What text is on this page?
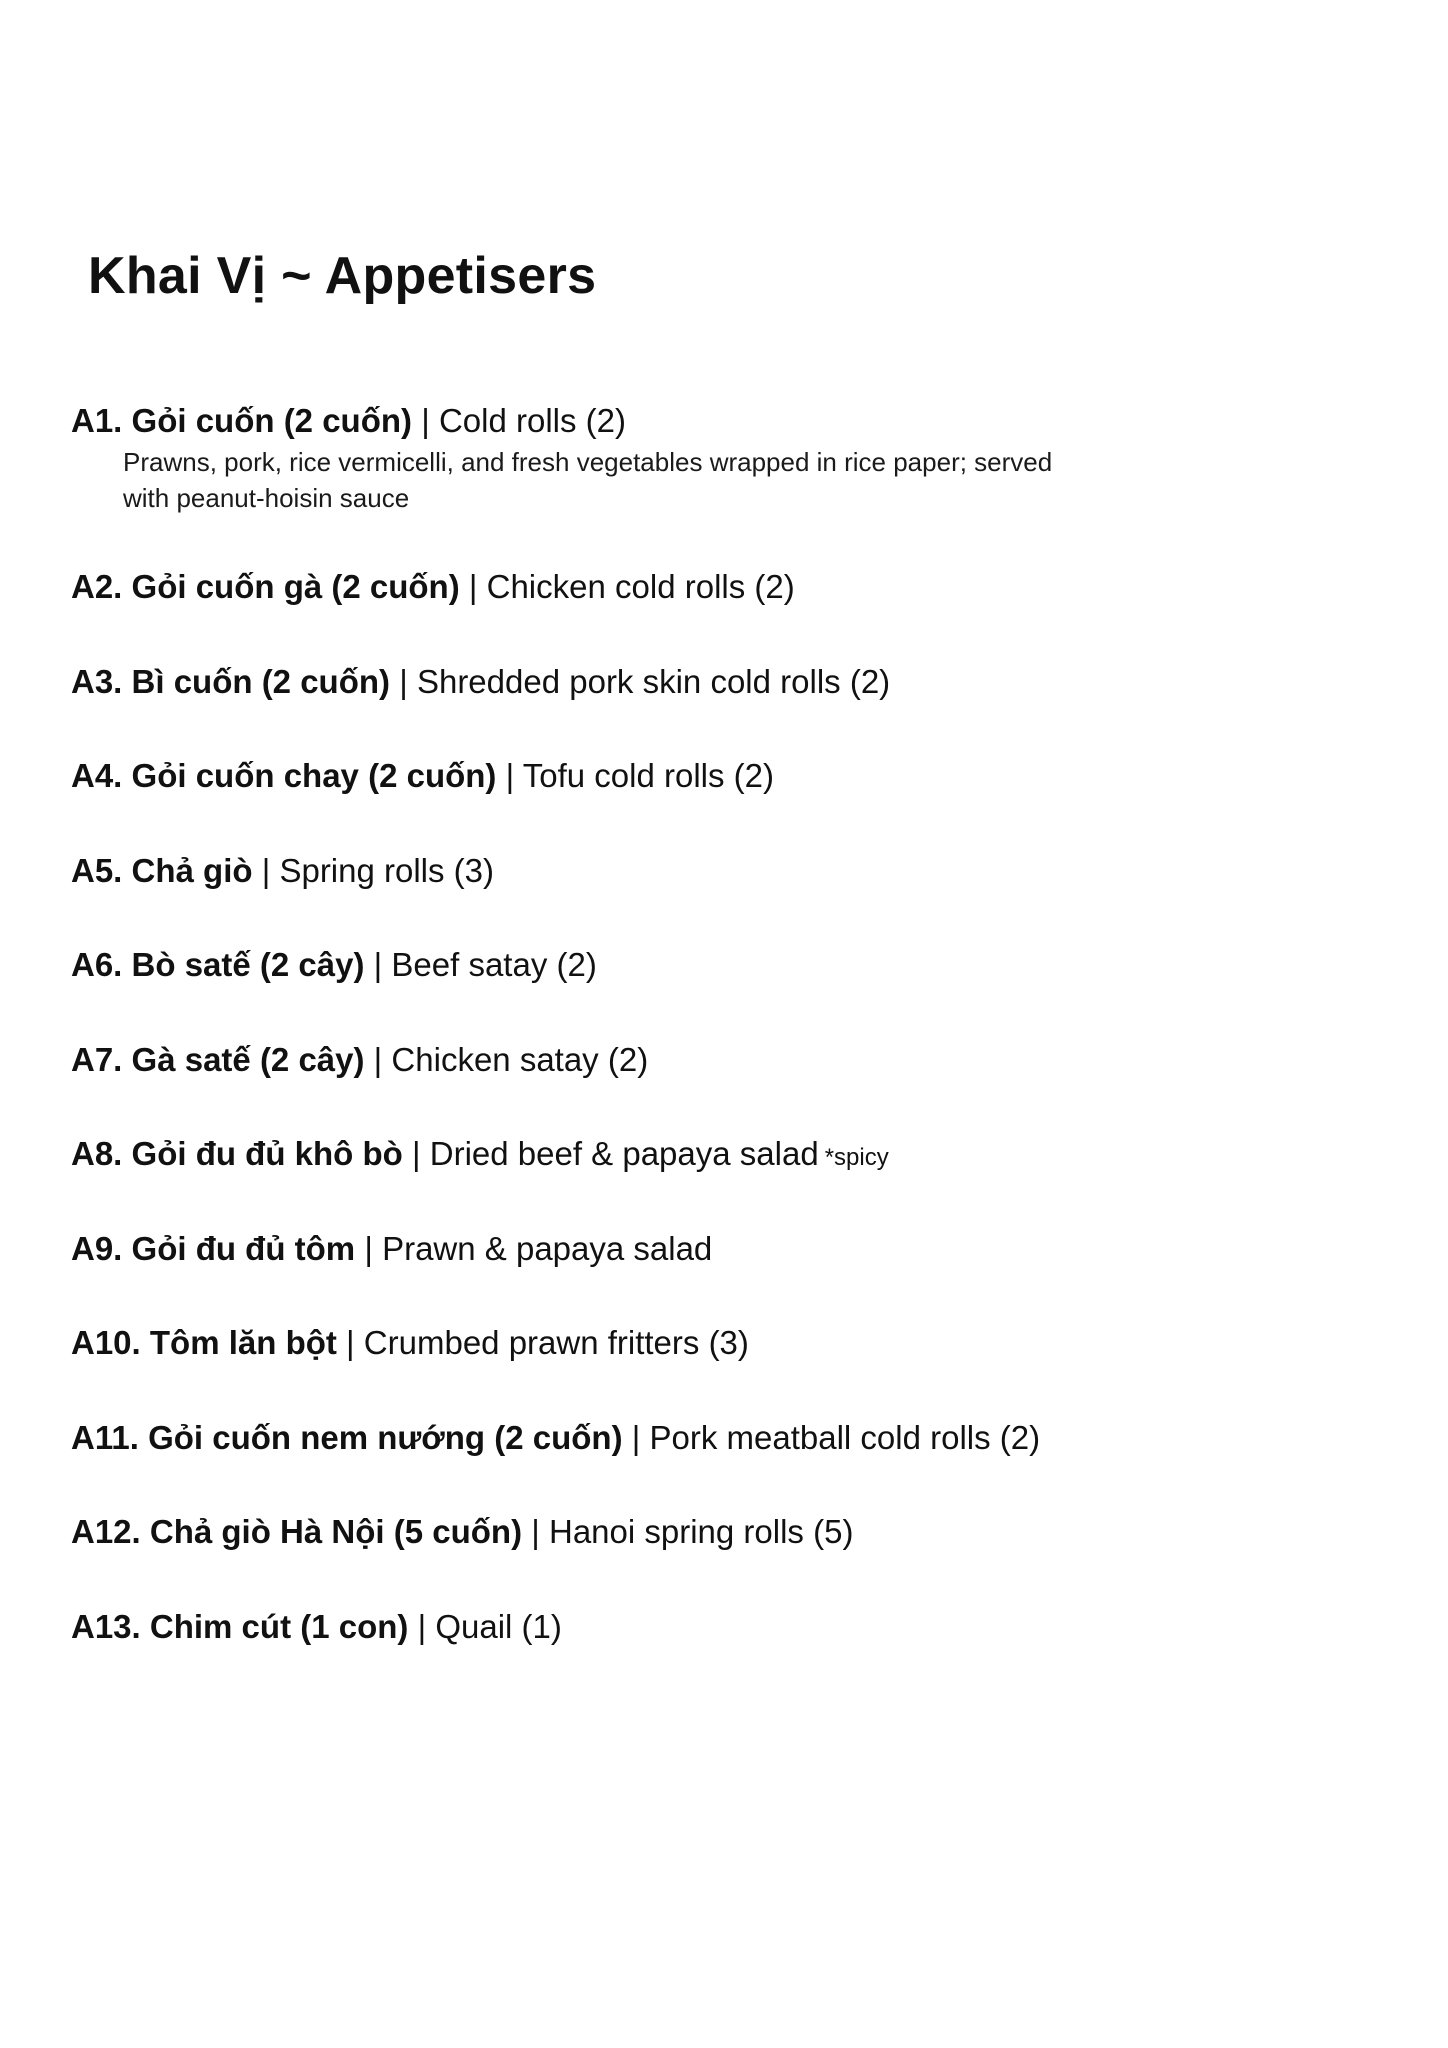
Khai Vị ~ Appetisers
A1. Gỏi cuốn (2 cuốn) | Cold rolls (2)
Prawns, pork, rice vermicelli, and fresh vegetables wrapped in rice paper; served
with peanut-hoisin sauce
A2. Gỏi cuốn gà (2 cuốn) | Chicken cold rolls (2)
A3. Bì cuốn (2 cuốn) | Shredded pork skin cold rolls (2)
A4. Gỏi cuốn chay (2 cuốn) | Tofu cold rolls (2)
A5. Chả giò | Spring rolls (3)
A6. Bò satế (2 cây) | Beef satay (2)
A7. Gà satế (2 cây) | Chicken satay (2)
A8. Gỏi đu đủ khô bò | Dried beef & papaya salad *spicy
A9. Gỏi đu đủ tôm | Prawn & papaya salad
A10. Tôm lăn bột | Crumbed prawn fritters (3)
A11. Gỏi cuốn nem nướng (2 cuốn) | Pork meatball cold rolls (2)
A12. Chả giò Hà Nội (5 cuốn) | Hanoi spring rolls (5)
A13. Chim cút (1 con) | Quail (1)
